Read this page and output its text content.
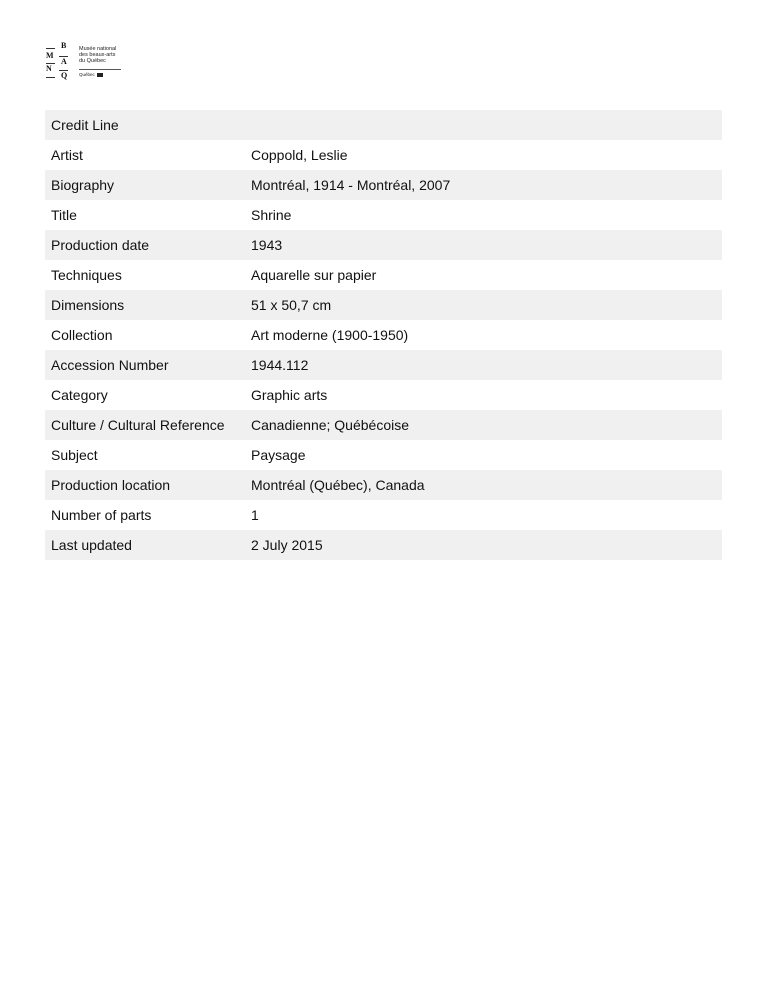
B
M
A
N
Q
Musée national
des beaux-arts
du Québec
Québec
Credit Line	
Artist	Coppold, Leslie
Biography	Montréal, 1914 - Montréal, 2007
Title	Shrine
Production date	1943
Techniques	Aquarelle sur papier
Dimensions	51 x 50,7 cm
Collection	Art moderne (1900-1950)
Accession Number	1944.112
Category	Graphic arts
Culture / Cultural Reference	Canadienne; Québécoise
Subject	Paysage
Production location	Montréal (Québec), Canada
Number of parts	1
Last updated	2 July 2015
